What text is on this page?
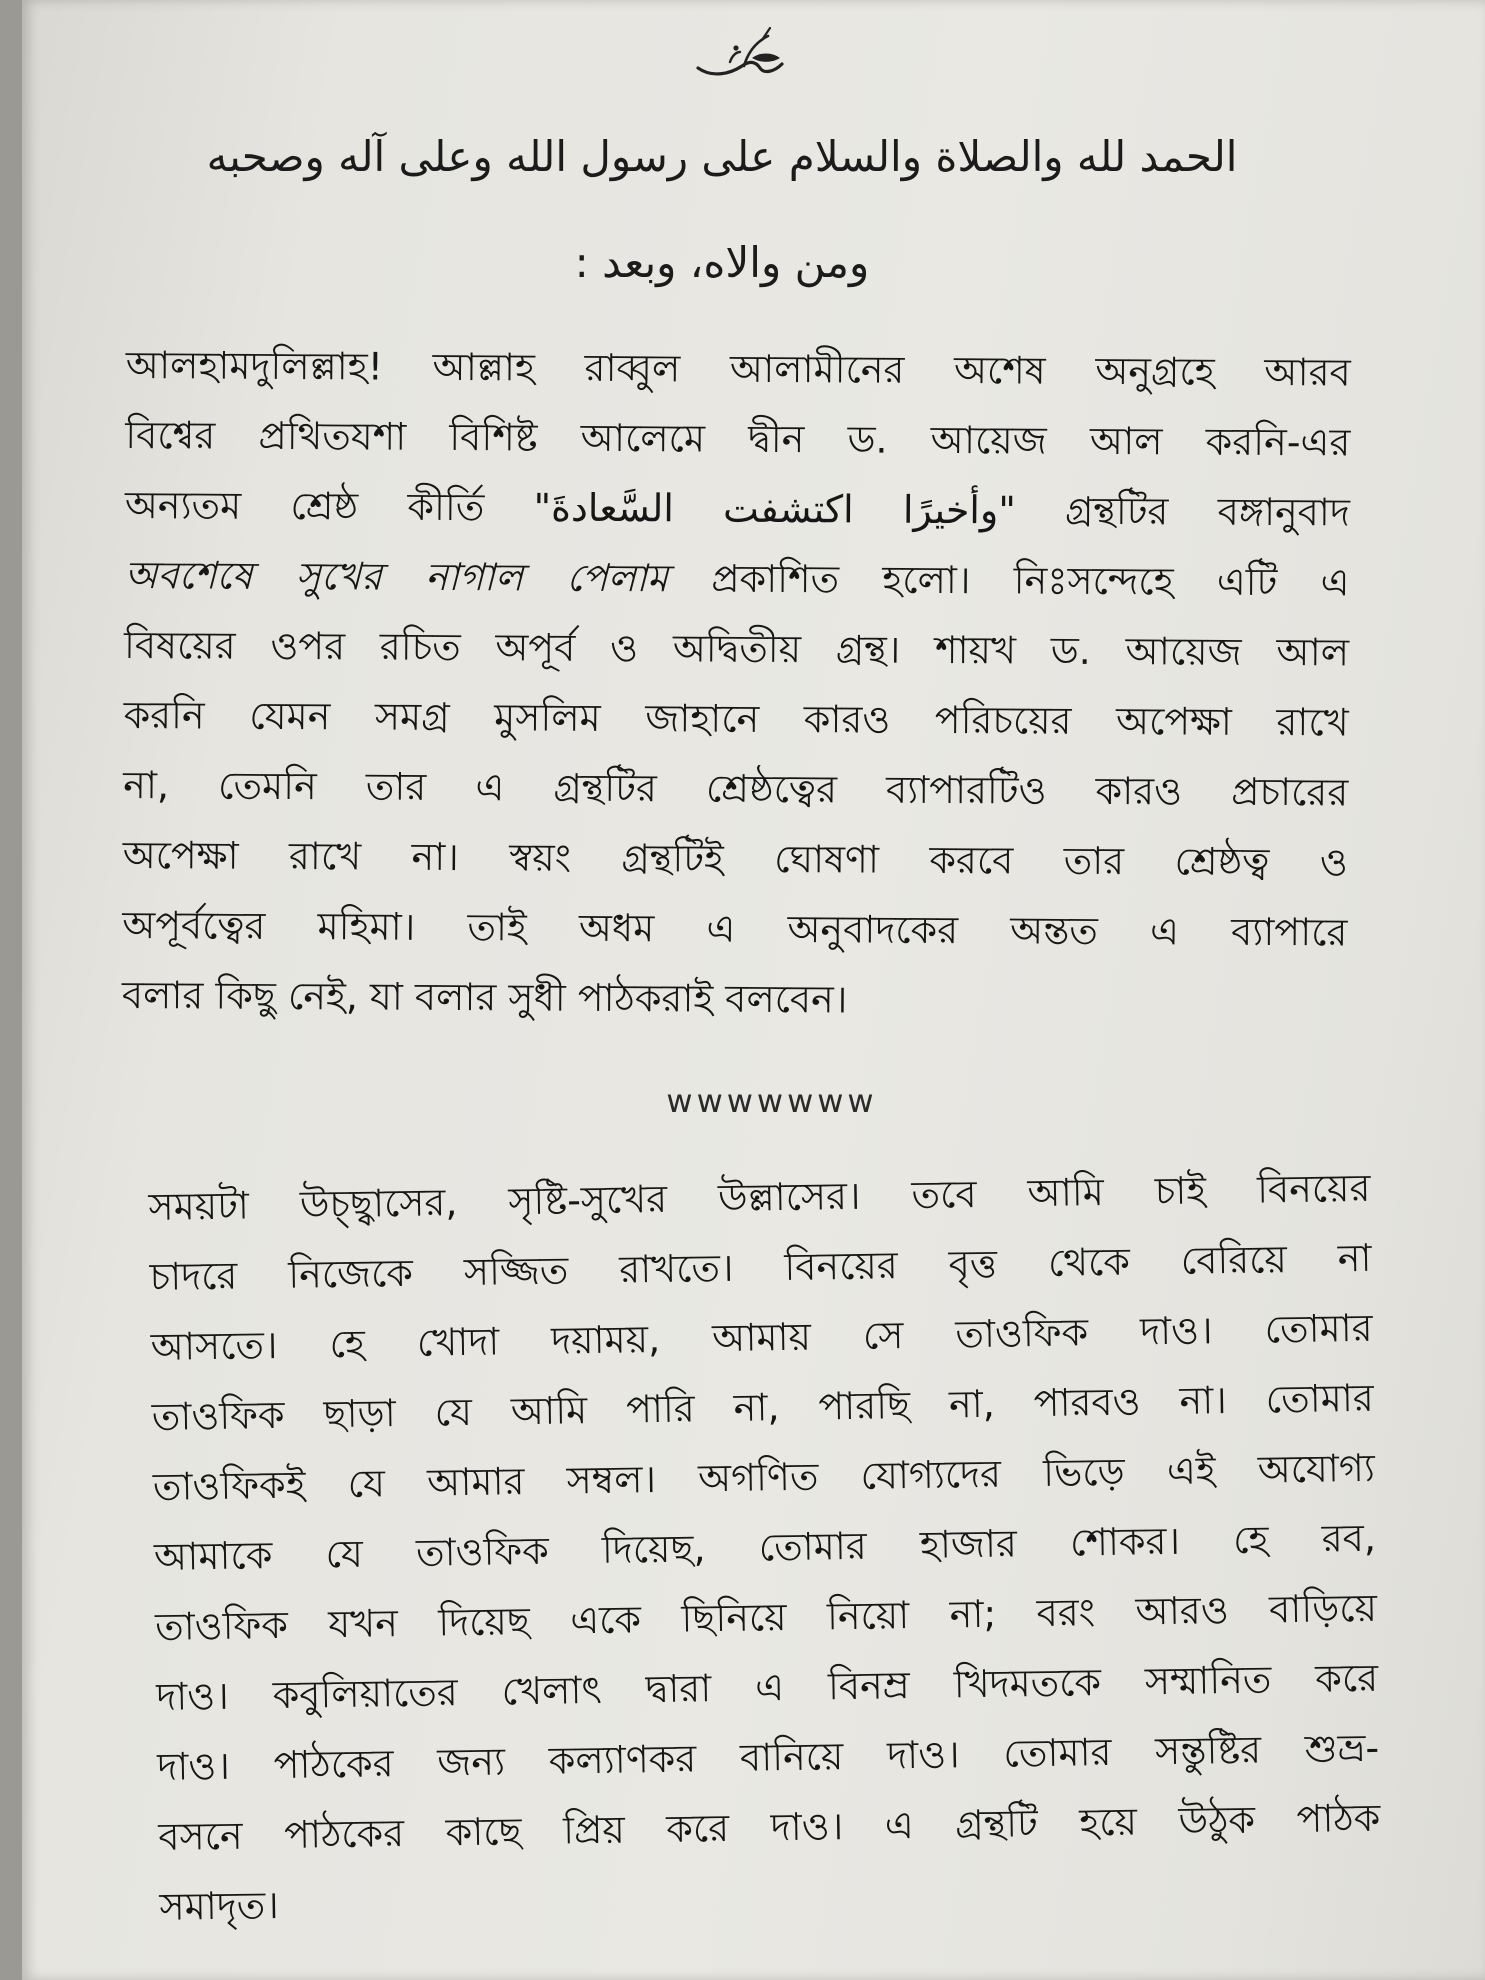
الحمد لله والصلاة والسلام على رسول الله وعلى آله وصحبه
ومن والاه، وبعد :
আলহামদুলিল্লাহ! আল্লাহ রাব্বুল আলামীনের অশেষ অনুগ্রহে আরব
বিশ্বের প্রথিতযশা বিশিষ্ট আলেমে দ্বীন ড. আয়েজ আল করনি-এর
অন্যতম শ্রেষ্ঠ কীর্তি "وأخيرًا اكتشفت السَّعادةَ" গ্রন্থটির বঙ্গানুবাদ
অবশেষে সুখের নাগাল পেলাম প্রকাশিত হলো। নিঃসন্দেহে এটি এ
বিষয়ের ওপর রচিত অপূর্ব ও অদ্বিতীয় গ্রন্থ। শায়খ ড. আয়েজ আল
করনি যেমন সমগ্র মুসলিম জাহানে কারও পরিচয়ের অপেক্ষা রাখে
না, তেমনি তার এ গ্রন্থটির শ্রেষ্ঠত্বের ব্যাপারটিও কারও প্রচারের
অপেক্ষা রাখে না। স্বয়ং গ্রন্থটিই ঘোষণা করবে তার শ্রেষ্ঠত্ব ও
অপূর্বত্বের মহিমা। তাই অধম এ অনুবাদকের অন্তত এ ব্যাপারে
বলার কিছু নেই, যা বলার সুধী পাঠকরাই বলবেন।
wwwwwww
সময়টা উচ্ছ্বাসের, সৃষ্টি-সুখের উল্লাসের। তবে আমি চাই বিনয়ের
চাদরে নিজেকে সজ্জিত রাখতে। বিনয়ের বৃত্ত থেকে বেরিয়ে না
আসতে। হে খোদা দয়াময়, আমায় সে তাওফিক দাও। তোমার
তাওফিক ছাড়া যে আমি পারি না, পারছি না, পারবও না। তোমার
তাওফিকই যে আমার সম্বল। অগণিত যোগ্যদের ভিড়ে এই অযোগ্য
আমাকে যে তাওফিক দিয়েছ, তোমার হাজার শোকর। হে রব,
তাওফিক যখন দিয়েছ একে ছিনিয়ে নিয়ো না; বরং আরও বাড়িয়ে
দাও। কবুলিয়াতের খেলাৎ দ্বারা এ বিনম্র খিদমতকে সম্মানিত করে
দাও। পাঠকের জন্য কল্যাণকর বানিয়ে দাও। তোমার সন্তুষ্টির শুভ্র-
বসনে পাঠকের কাছে প্রিয় করে দাও। এ গ্রন্থটি হয়ে উঠুক পাঠক
সমাদৃত।
